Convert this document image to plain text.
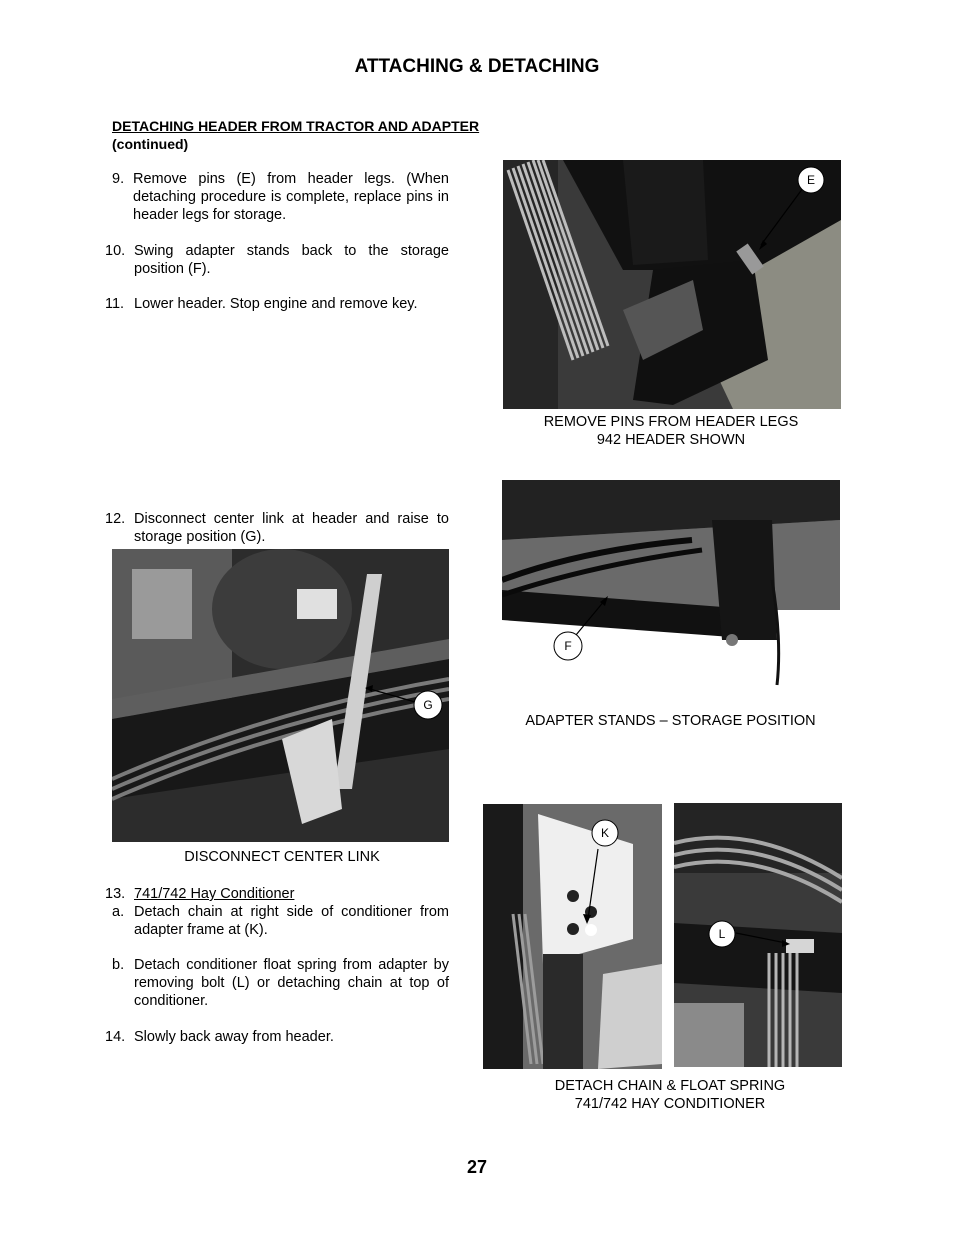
ATTACHING & DETACHING
DETACHING HEADER FROM TRACTOR AND ADAPTER
(continued)
9. Remove pins (E) from header legs. (When detaching procedure is complete, replace pins in header legs for storage.
10. Swing adapter stands back to the storage position (F).
11. Lower header. Stop engine and remove key.
E
REMOVE PINS FROM HEADER LEGS
942 HEADER SHOWN
F
ADAPTER STANDS – STORAGE POSITION
12. Disconnect center link at header and raise to storage position (G).
G
DISCONNECT CENTER LINK
13. 741/742 Hay Conditioner
a. Detach chain at right side of conditioner from adapter frame at (K).
b. Detach conditioner float spring from adapter by removing bolt (L) or detaching chain at top of conditioner.
14. Slowly back away from header.
K
L
DETACH CHAIN & FLOAT SPRING
741/742 HAY CONDITIONER
27
